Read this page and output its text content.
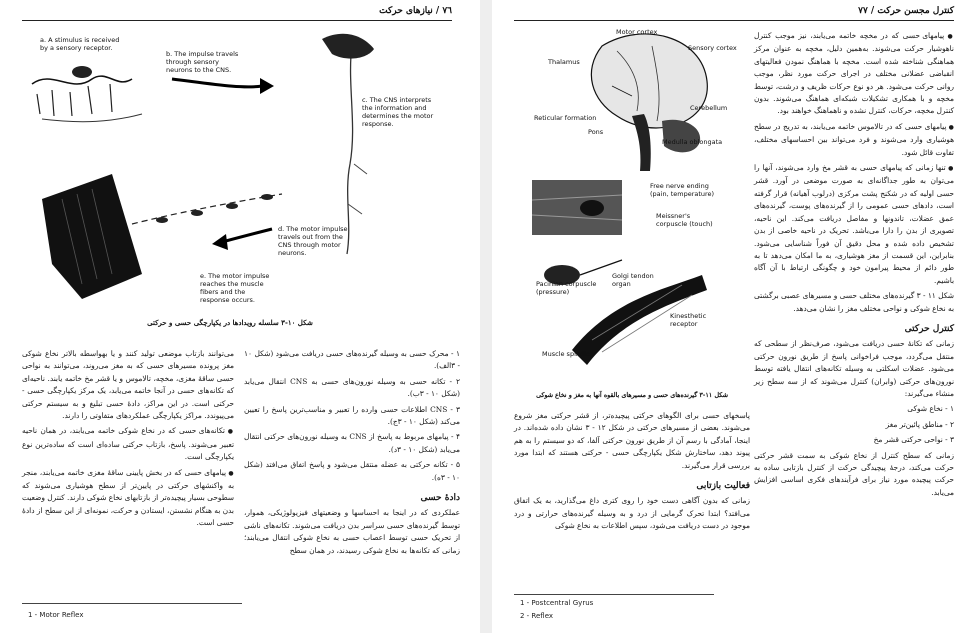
٧٦ / نیازهای حرکت
a. A stimulus is received
by a sensory receptor.
b. The impulse travels
through sensory
neurons to the CNS.
c. The CNS interprets
the information and
determines the motor
response.
d. The motor impulse
travels out from the
CNS through motor
neurons.
e. The motor impulse
reaches the muscle
fibers and the
response occurs.
شکل ۱۰-۳ سلسله رویدادها در یکپارچگی حسی و حرکتی

۱ - محرک حسی به وسیله گیرنده‌های حسی دریافت می‌شود (شکل ۱۰ - ۳الف).

۲ - تکانه حسی به وسیله نورون‌های حسی به CNS انتقال می‌یابد (شکل ۱۰ - ۳ب).

۳ - CNS اطلاعات حسی وارده را تعبیر و مناسب‌ترین پاسخ را تعیین می‌کند (شکل ۱۰ - ۳ج).

۴ - پیامهای مربوط به پاسخ از CNS به وسیله نورون‌های حرکتی انتقال می‌یابد (شکل ۱۰ - ۳د).

۵ - تکانه حرکتی به عضله منتقل می‌شود و پاسخ اتفاق می‌افتد (شکل ۱۰ - ۳ه).

دادهٔ حسی

عملکردی که در اینجا به احساسها و وضعیتهای فیزیولوژیکی، هموار، توسط گیرنده‌های حسی سراسر بدن دریافت می‌شوند. تکانه‌های ناشی از تحریک حسی توسط اعصاب حسی به نخاع شوکی انتقال می‌یابند؛ زمانی که تکانه‌ها به نخاع شوکی رسیدند، در همان سطح

می‌توانند بازتاب موضعی تولید کنند و یا بهواسطه بالاتر نخاع شوکی مغز پرونده مسیرهای حسی که به مغز می‌روند، می‌توانند به نواحی حسی ساقهٔ مغزی، مخچه، تالاموس و یا قشر مخ خاتمه یابند. ناحیه‌ای که تکانه‌های حسی در آنجا خاتمه می‌یابد، یک مرکز یکپارچگی حسی - حرکتی است. در این مراکز، دادهٔ حسی تبلیغ و به سیستم حرکتی می‌پیوندد. مراکز یکپارچگی عملکردهای متفاوتی را دارند.

● تکانه‌های حسی که در نخاع شوکی خاتمه می‌یابند، در همان ناحیه تعبیر می‌شوند. پاسخ، بازتاب حرکتی ساده‌ای است که ساده‌ترین نوع یکپارچگی است.

● پیامهای حسی که در بخش پایینی ساقهٔ مغزی خاتمه می‌یابند، منجر به واکنشهای حرکتی در پایین‌تر از سطح هوشیاری می‌شوند که سطوحی بسیار پیچیده‌تر از بازتابهای نخاع شوکی دارند. کنترل وضعیت بدن به هنگام نشستن، ایستادن و حرکت، نمونه‌ای از این سطح از دادهٔ حسی است.

1 - Motor Reflex
کنترل مجسن حرکت / ۷۷
Motor cortex
Sensory cortex
Thalamus
Cerebellum
Reticular formation
Pons
Medulla oblongata
Free nerve ending
(pain, temperature)
Meissner's
corpuscle (touch)
Pacinian corpuscle
(pressure)
Golgi tendon
organ
Kinesthetic
receptor
Muscle spindle
شکل ۱۱-۳ گیرنده‌های حسی و مسیرهای بالقوه آنها به مغز و نخاع شوکی

● پیامهای حسی که در مخچه خاتمه می‌یابند، نیز موجب کنترل ناهوشیار حرکت می‌شوند. به‌همین دلیل، مخچه به عنوان مرکز هماهنگی شناخته شده است. مخچه با هماهنگ نمودن فعالیتهای انقباضی عضلانی مختلف در اجرای حرکت مورد نظر، موجب روانی حرکت می‌شود. هر دو نوع حرکات ظریف و درشت، توسط مخچه و با همکاری تشکیلات شبکه‌ای هماهنگ می‌شوند. بدون کنترل مخچه، حرکات، کنترل نشده و ناهماهنگ خواهند بود.

● پیامهای حسی که در تالاموس خاتمه می‌یابند، به تدریج در سطح هوشیاری وارد می‌شوند و فرد می‌تواند بین احساسهای مختلف، تفاوت قائل شود.

● تنها زمانی که پیامهای حسی به قشر مخ وارد می‌شوند، آنها را می‌توان به طور جداگانه‌ای به صورت موضعی در آورد. قشر حسی اولیه که در شکنج پشت مرکزی (درلوب آهیانه) قرار گرفته است، دادهای حسی عمومی را از گیرنده‌های پوست، گیرنده‌های عمق عضلات، تاندونها و مفاصل دریافت می‌کند. این ناحیه، تصویری از بدن را دارا می‌باشد. تحریک در ناحیه خاصی از بدن تشخیص داده شده و محل دقیق آن فوراً شناسایی می‌شود. بنابراین، این قسمت از مغز هوشیاری، به ما امکان می‌دهد تا به طور دائم از محیط پیرامون خود و چگونگی ارتباط با آن آگاه باشیم.

شکل ۱۱ - ۳ گیرنده‌های مختلف حسی و مسیرهای عصبی برگشتی به نخاع شوکی و نواحی مختلف مغز را نشان می‌دهد.

کنترل حرکتی

زمانی که تکانهٔ حسی دریافت می‌شود، صرف‌نظر از سطحی که منتقل می‌گردد، موجب فراخوانی پاسخ از طریق نورون حرکتی می‌شود. عضلات اسکلتی به وسیله تکانه‌های انتقال یافته توسط نورون‌های حرکتی (وابران) کنترل می‌شوند که از سه سطح زیر منشاء می‌گیرند:

۱ - نخاع شوکی

۲ - مناطق پائین‌تر مغز

۳ - نواحی حرکتی قشر مخ

زمانی که سطح کنترل از نخاع شوکی به سمت قشر حرکتی حرکت می‌کند، درجهٔ پیچیدگی حرکت از کنترل بازتابی ساده به حرکت پیچیده مورد نیاز برای فرآیندهای فکری اساسی افزایش می‌یابد.

پاسخهای حسی برای الگوهای حرکتی پیچیده‌تر، از قشر حرکتی مغز شروع می‌شوند. بعضی از مسیرهای حرکتی در شکل ۱۲ - ۳ نشان داده شده‌اند. در اینجا، آمادگی با رسم آن از طریق نورون حرکتی آلفا، که دو سیستم را به هم پیوند دهد، ساختارش شکل یکپارچگی حسی - حرکتی هستند که ابتدا مورد بررسی قرار می‌گیرند.

فعالیت بازتابی

زمانی که بدون آگاهی دست خود را روی کتری داغ می‌گذارید، به یک اتفاق می‌افتد؟ ابتدا تحرک گرمایی از درد و به وسیله گیرنده‌های حرارتی و درد موجود در دست دریافت می‌شود، سپس اطلاعات به نخاع شوکی

1 - Postcentral Gyrus
2 - Reflex
